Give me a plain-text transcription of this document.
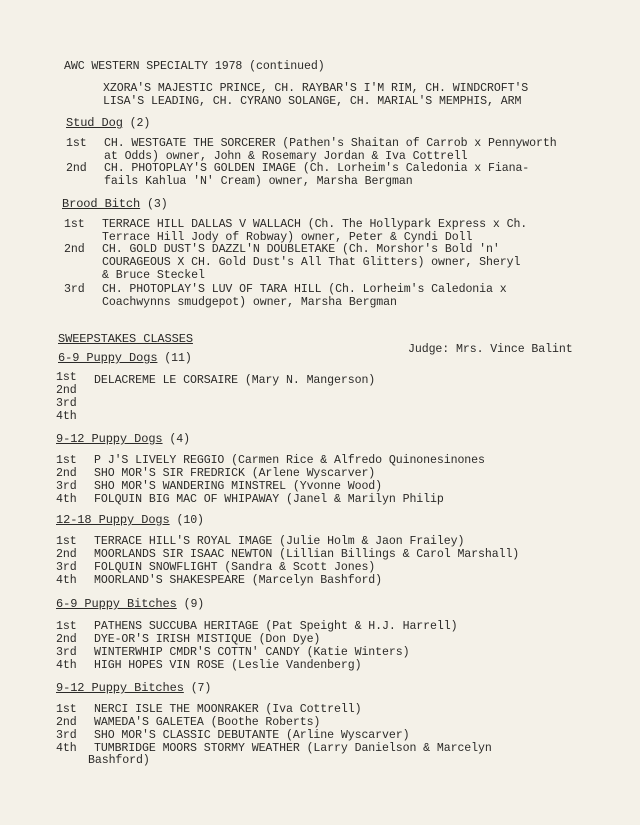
AWC WESTERN SPECIALTY 1978 (continued)
XZORA'S MAJESTIC PRINCE, CH. RAYBAR'S I'M RIM, CH. WINDCROFT'S
LISA'S LEADING, CH. CYRANO SOLANGE, CH. MARIAL'S MEMPHIS, ARM
Stud Dog (2)
1st CH. WESTGATE THE SORCERER (Pathen's Shaitan of Carrob x Pennyworth
at Odds) owner, John & Rosemary Jordan & Iva Cottrell
2nd CH. PHOTOPLAY'S GOLDEN IMAGE (Ch. Lorheim's Caledonia x Fiana-
fails Kahlua 'N' Cream) owner, Marsha Bergman
Brood Bitch (3)
1st TERRACE HILL DALLAS V WALLACH (Ch. The Hollypark Express x Ch.
Terrace Hill Jody of Robway) owner, Peter & Cyndi Doll
2nd CH. GOLD DUST'S DAZZL'N DOUBLETAKE (Ch. Morshor's Bold 'n'
COURAGEOUS X CH. Gold Dust's All That Glitters) owner, Sheryl
& Bruce Steckel
3rd CH. PHOTOPLAY'S LUV OF TARA HILL (Ch. Lorheim's Caledonia x
Coachwynns smudgepot) owner, Marsha Bergman
SWEEPSTAKES CLASSES
Judge: Mrs. Vince Balint
6-9 Puppy Dogs (11)
1st DELACREME LE CORSAIRE (Mary N. Mangerson)
2nd
3rd
4th
9-12 Puppy Dogs (4)
1st P J'S LIVELY REGGIO (Carmen Rice & Alfredo Quinonesinones
2nd SHO MOR'S SIR FREDRICK (Arlene Wyscarver)
3rd SHO MOR'S WANDERING MINSTREL (Yvonne Wood)
4th FOLQUIN BIG MAC OF WHIPAWAY (Janel & Marilyn Philip
12-18 Puppy Dogs (10)
1st TERRACE HILL'S ROYAL IMAGE (Julie Holm & Jaon Frailey)
2nd MOORLANDS SIR ISAAC NEWTON (Lillian Billings & Carol Marshall)
3rd FOLQUIN SNOWFLIGHT (Sandra & Scott Jones)
4th MOORLAND'S SHAKESPEARE (Marcelyn Bashford)
6-9 Puppy Bitches (9)
1st PATHENS SUCCUBA HERITAGE (Pat Speight & H.J. Harrell)
2nd DYE-OR'S IRISH MISTIQUE (Don Dye)
3rd WINTERWHIP CMDR'S COTTN' CANDY (Katie Winters)
4th HIGH HOPES VIN ROSE (Leslie Vandenberg)
9-12 Puppy Bitches (7)
1st NERCI ISLE THE MOONRAKER (Iva Cottrell)
2nd WAMEDA'S GALETEA (Boothe Roberts)
3rd SHO MOR'S CLASSIC DEBUTANTE (Arline Wyscarver)
4th TUMBRIDGE MOORS STORMY WEATHER (Larry Danielson & Marcelyn
Bashford)
